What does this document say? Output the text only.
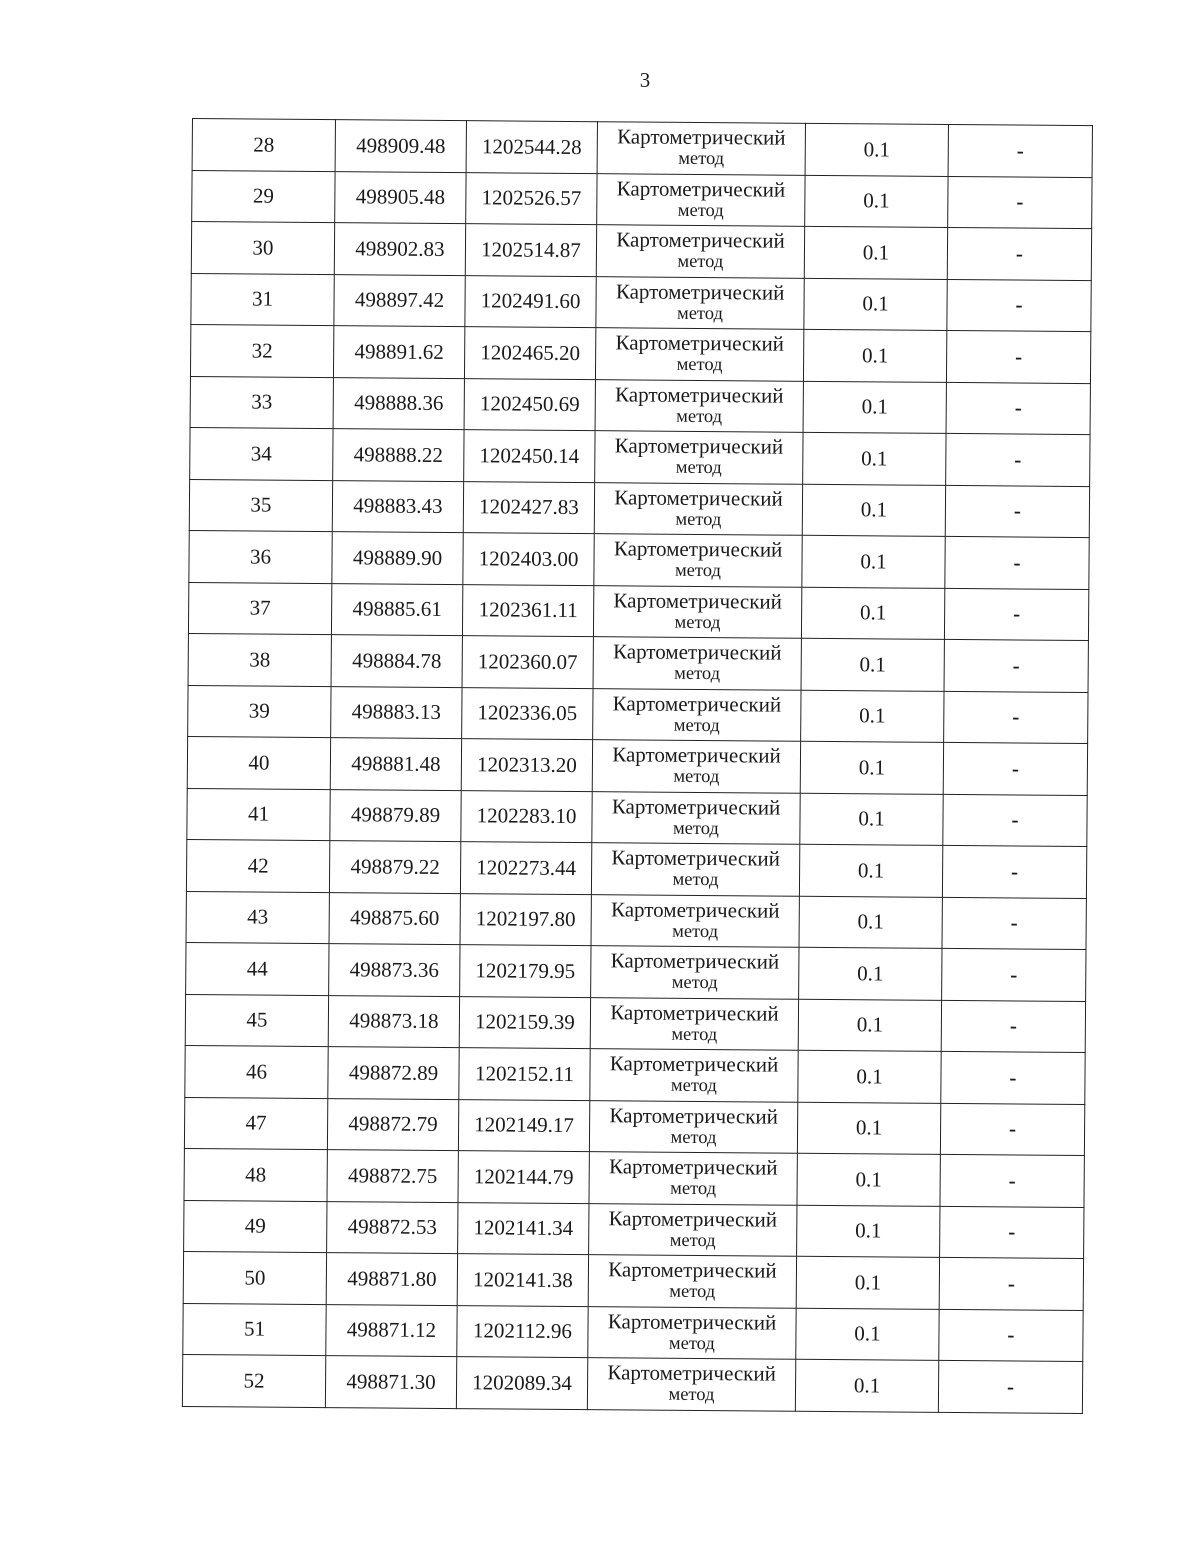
3
28	498909.48	1202544.28	Картометрический
метод	0.1	-
29	498905.48	1202526.57	Картометрический
метод	0.1	-
30	498902.83	1202514.87	Картометрический
метод	0.1	-
31	498897.42	1202491.60	Картометрический
метод	0.1	-
32	498891.62	1202465.20	Картометрический
метод	0.1	-
33	498888.36	1202450.69	Картометрический
метод	0.1	-
34	498888.22	1202450.14	Картометрический
метод	0.1	-
35	498883.43	1202427.83	Картометрический
метод	0.1	-
36	498889.90	1202403.00	Картометрический
метод	0.1	-
37	498885.61	1202361.11	Картометрический
метод	0.1	-
38	498884.78	1202360.07	Картометрический
метод	0.1	-
39	498883.13	1202336.05	Картометрический
метод	0.1	-
40	498881.48	1202313.20	Картометрический
метод	0.1	-
41	498879.89	1202283.10	Картометрический
метод	0.1	-
42	498879.22	1202273.44	Картометрический
метод	0.1	-
43	498875.60	1202197.80	Картометрический
метод	0.1	-
44	498873.36	1202179.95	Картометрический
метод	0.1	-
45	498873.18	1202159.39	Картометрический
метод	0.1	-
46	498872.89	1202152.11	Картометрический
метод	0.1	-
47	498872.79	1202149.17	Картометрический
метод	0.1	-
48	498872.75	1202144.79	Картометрический
метод	0.1	-
49	498872.53	1202141.34	Картометрический
метод	0.1	-
50	498871.80	1202141.38	Картометрический
метод	0.1	-
51	498871.12	1202112.96	Картометрический
метод	0.1	-
52	498871.30	1202089.34	Картометрический
метод	0.1	-
